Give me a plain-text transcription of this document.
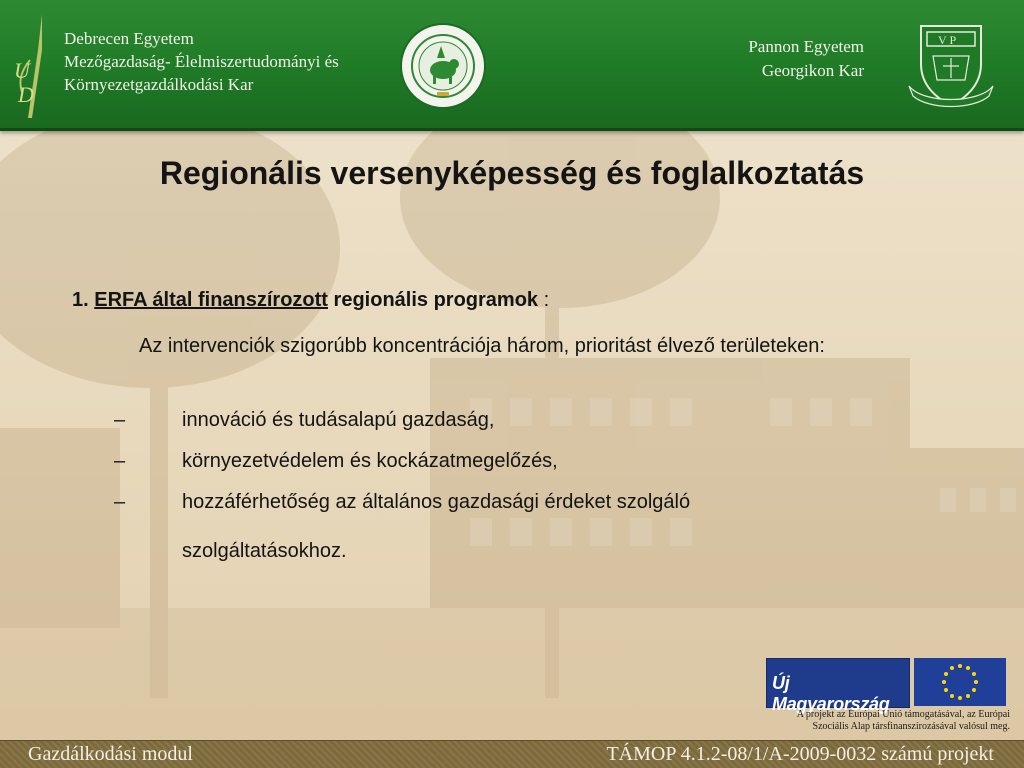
U
D
Debrecen Egyetem
Mezőgazdaság- Élelmiszertudományi és
Környezetgazdálkodási Kar
Pannon Egyetem
Georgikon Kar
V P
Regionális versenyképesség és foglalkoztatás
1. ERFA által finanszírozott regionális programok :
Az intervenciók szigorúbb koncentrációja három, prioritást élvező területeken:
–	innováció és tudásalapú gazdaság,
–	környezetvédelem és kockázatmegelőzés,
–	hozzáférhetőség az általános gazdasági érdeket szolgáló
szolgáltatásokhoz.
Új Magyarország
A projekt az Európai Unió támogatásával, az Európai
Szociális Alap társfinanszírozásával valósul meg.
Gazdálkodási modul	TÁMOP 4.1.2-08/1/A-2009-0032 számú projekt
